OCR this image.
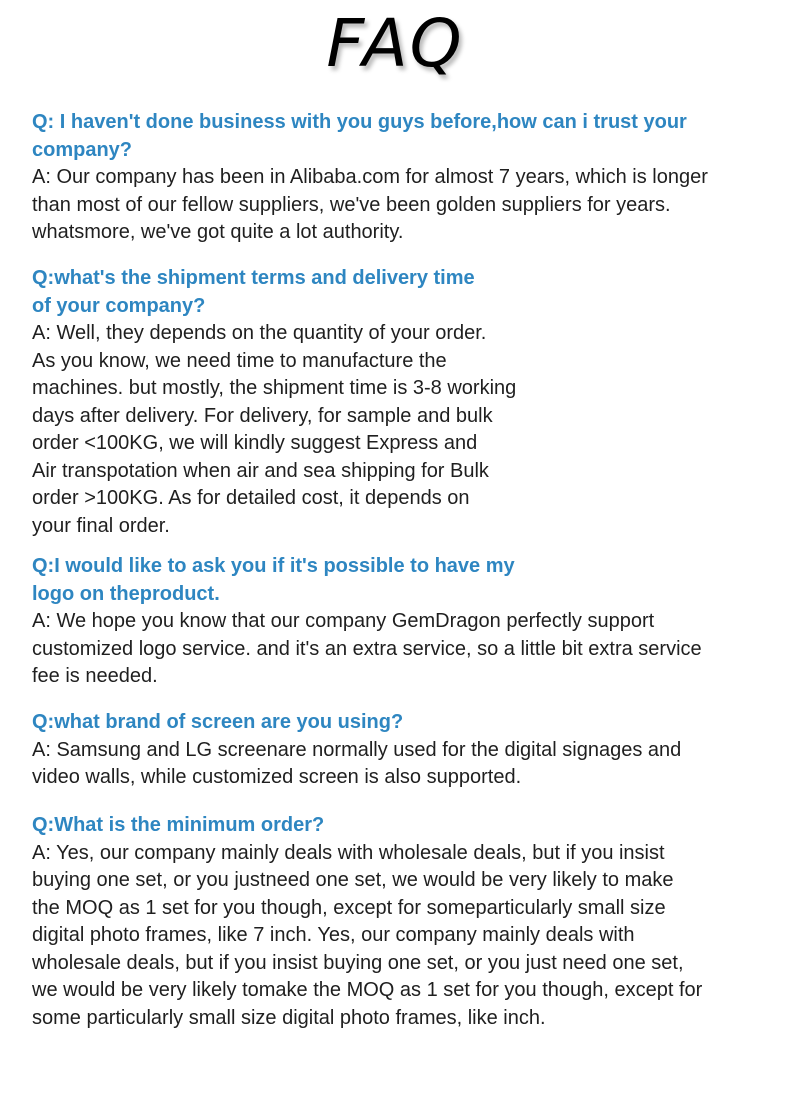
FAQ
Q: I haven't done business with you guys before,how can i trust your
company?
A: Our company has been in Alibaba.com for almost 7 years, which is longer
than most of our fellow suppliers, we've been golden suppliers for years.
whatsmore, we've got quite a lot authority.
Q:what's the shipment terms and delivery time
of your company?
A: Well, they depends on the quantity of your order.
As you know, we need time to manufacture the
machines. but mostly, the shipment time is 3-8 working
days after delivery. For delivery, for sample and bulk
order <100KG, we will kindly suggest Express and
Air transpotation when air and sea shipping for Bulk
order >100KG. As for detailed cost, it depends on
your final order.
Q:I would like to ask you if it's possible to have my
logo on theproduct.
A: We hope you know that our company GemDragon perfectly support
customized logo service. and it's an extra service, so a little bit extra service
fee is needed.
Q:what brand of screen are you using?
A: Samsung and LG screenare normally used for the digital signages and
video walls, while customized screen is also supported.
Q:What is the minimum order?
A: Yes, our company mainly deals with wholesale deals, but if you insist
buying one set, or you justneed one set, we would be very likely to make
the MOQ as 1 set for you though, except for someparticularly small size
digital photo frames, like 7 inch. Yes, our company mainly deals with
wholesale deals, but if you insist buying one set, or you just need one set,
we would be very likely tomake the MOQ as 1 set for you though, except for
some particularly small size digital photo frames, like inch.
